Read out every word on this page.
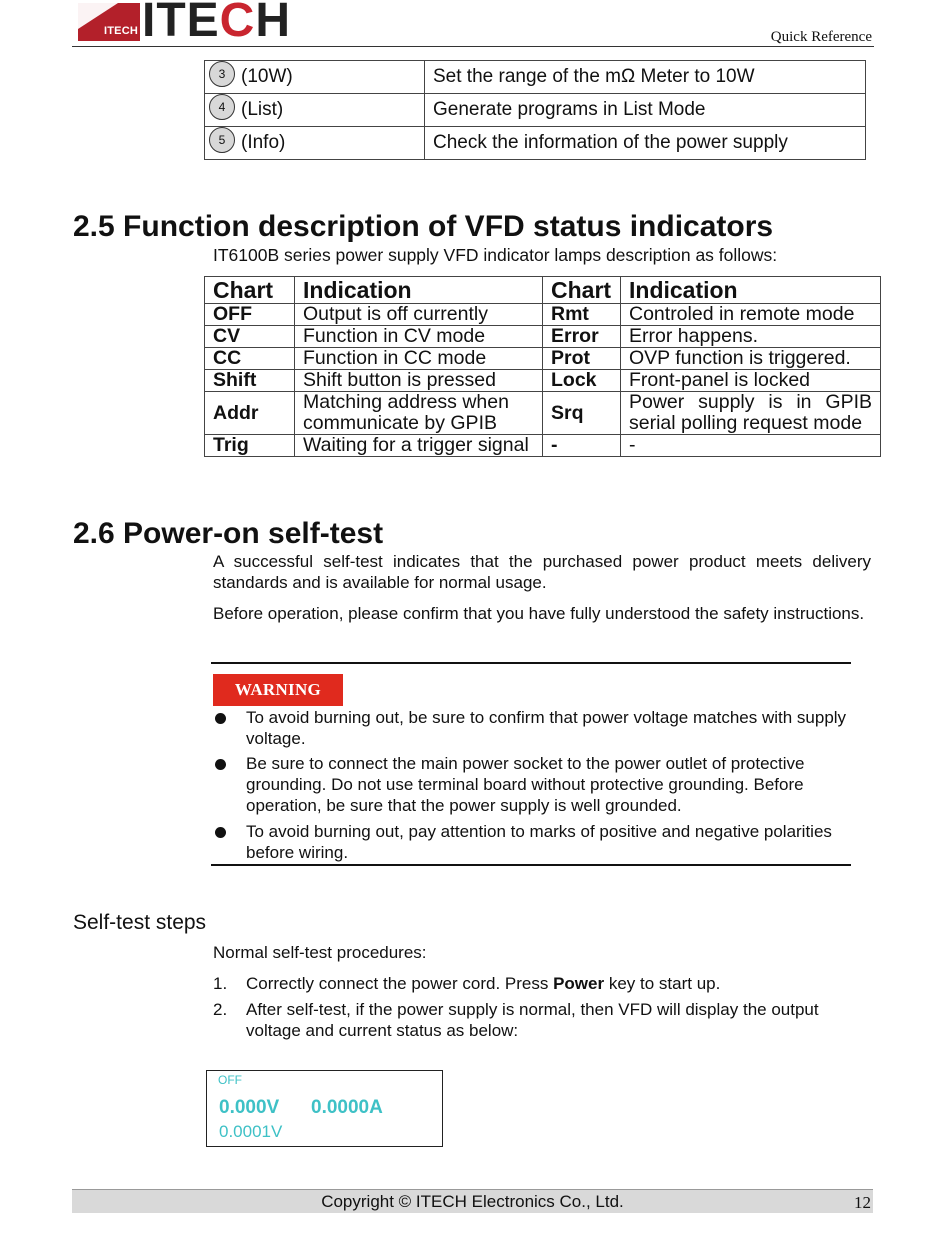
ITECH ITECH	Quick Reference
3 (10W)	Set the range of the mΩ Meter to 10W
4 (List)	Generate programs in List Mode
5 (Info)	Check the information of the power supply
2.5 Function description of VFD status indicators
IT6100B series power supply VFD indicator lamps description as follows:
Chart	Indication	Chart	Indication
OFF	Output is off currently	Rmt	Controled in remote mode
CV	Function in CV mode	Error	Error happens.
CC	Function in CC mode	Prot	OVP function is triggered.
Shift	Shift button is pressed	Lock	Front-panel is locked
Addr	Matching address when communicate by GPIB	Srq	Power supply is in GPIB serial polling request mode
Trig	Waiting for a trigger signal	-	-
2.6 Power-on self-test
A successful self-test indicates that the purchased power product meets delivery standards and is available for normal usage.
Before operation, please confirm that you have fully understood the safety instructions.
WARNING
To avoid burning out, be sure to confirm that power voltage matches with supply voltage.
Be sure to connect the main power socket to the power outlet of protective grounding. Do not use terminal board without protective grounding. Before operation, be sure that the power supply is well grounded.
To avoid burning out, pay attention to marks of positive and negative polarities before wiring.
Self-test steps
Normal self-test procedures:
1. Correctly connect the power cord. Press Power key to start up.
2. After self-test, if the power supply is normal, then VFD will display the output voltage and current status as below:
OFF
0.000V 0.0000A
0.0001V
Copyright © ITECH Electronics Co., Ltd.	12
